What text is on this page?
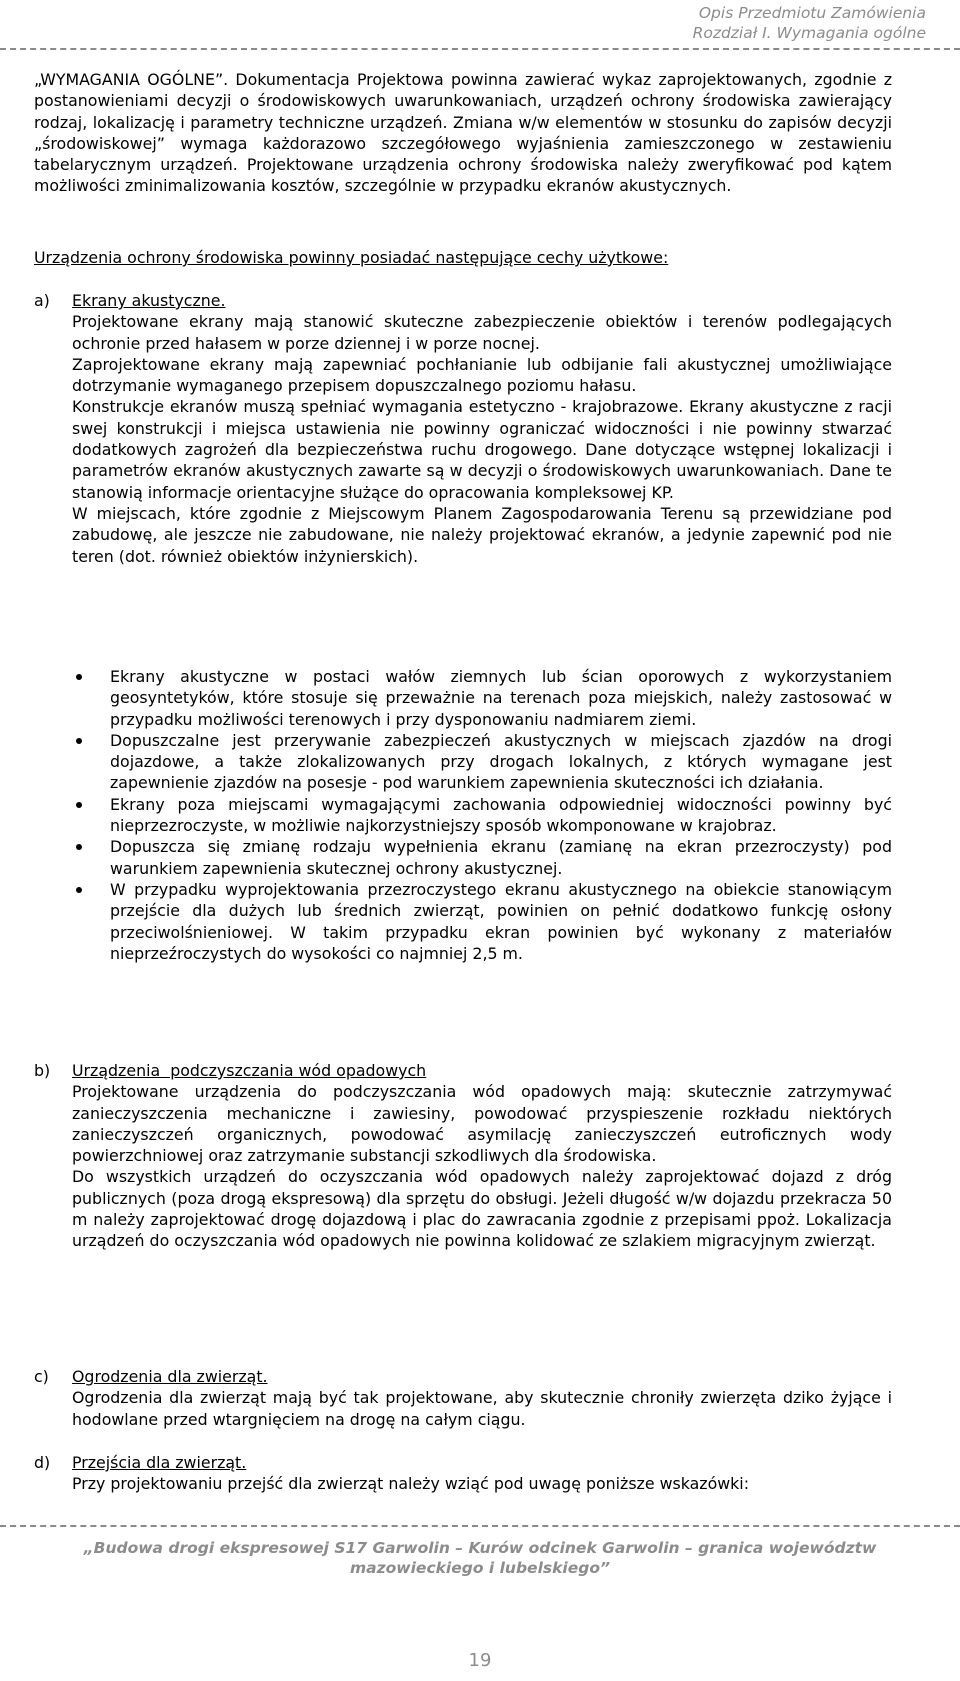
Opis Przedmiotu Zamówienia
Rozdział I. Wymagania ogólne

„WYMAGANIA OGÓLNE”. Dokumentacja Projektowa powinna zawierać wykaz zaprojektowanych, zgodnie z postanowieniami decyzji o środowiskowych uwarunkowaniach, urządzeń ochrony środowiska zawierający rodzaj, lokalizację i parametry techniczne urządzeń. Zmiana w/w elementów w stosunku do zapisów decyzji „środowiskowej” wymaga każdorazowo szczegółowego wyjaśnienia zamieszczonego w zestawieniu tabelarycznym urządzeń. Projektowane urządzenia ochrony środowiska należy zweryfikować pod kątem możliwości zminimalizowania kosztów, szczególnie w przypadku ekranów akustycznych.

Urządzenia ochrony środowiska powinny posiadać następujące cechy użytkowe:

a) Ekrany akustyczne.

Projektowane ekrany mają stanowić skuteczne zabezpieczenie obiektów i terenów podlegających ochronie przed hałasem w porze dziennej i w porze nocnej.

Zaprojektowane ekrany mają zapewniać pochłanianie lub odbijanie fali akustycznej umożliwiające dotrzymanie wymaganego przepisem dopuszczalnego poziomu hałasu.

Konstrukcje ekranów muszą spełniać wymagania estetyczno - krajobrazowe. Ekrany akustyczne z racji swej konstrukcji i miejsca ustawienia nie powinny ograniczać widoczności i nie powinny stwarzać dodatkowych zagrożeń dla bezpieczeństwa ruchu drogowego. Dane dotyczące wstępnej lokalizacji i parametrów ekranów akustycznych zawarte są w decyzji o środowiskowych uwarunkowaniach. Dane te stanowią informacje orientacyjne służące do opracowania kompleksowej KP.

W miejscach, które zgodnie z Miejscowym Planem Zagospodarowania Terenu są przewidziane pod zabudowę, ale jeszcze nie zabudowane, nie należy projektować ekranów, a jedynie zapewnić pod nie teren (dot. również obiektów inżynierskich).

Ekrany akustyczne w postaci wałów ziemnych lub ścian oporowych z wykorzystaniem geosyntetyków, które stosuje się przeważnie na terenach poza miejskich, należy zastosować w przypadku możliwości terenowych i przy dysponowaniu nadmiarem ziemi.

Dopuszczalne jest przerywanie zabezpieczeń akustycznych w miejscach zjazdów na drogi dojazdowe, a także zlokalizowanych przy drogach lokalnych, z których wymagane jest zapewnienie zjazdów na posesje - pod warunkiem zapewnienia skuteczności ich działania.

Ekrany poza miejscami wymagającymi zachowania odpowiedniej widoczności powinny być nieprzezroczyste, w możliwie najkorzystniejszy sposób wkomponowane w krajobraz.

Dopuszcza się zmianę rodzaju wypełnienia ekranu (zamianę na ekran przezroczysty) pod warunkiem zapewnienia skutecznej ochrony akustycznej.

W przypadku wyprojektowania przezroczystego ekranu akustycznego na obiekcie stanowiącym przejście dla dużych lub średnich zwierząt, powinien on pełnić dodatkowo funkcję osłony przeciwolśnieniowej. W takim przypadku ekran powinien być wykonany z materiałów nieprzeźroczystych do wysokości co najmniej 2,5 m.

b) Urządzenia  podczyszczania wód opadowych

Projektowane urządzenia do podczyszczania wód opadowych mają: skutecznie zatrzymywać zanieczyszczenia mechaniczne i zawiesiny, powodować przyspieszenie rozkładu niektórych zanieczyszczeń organicznych, powodować asymilację zanieczyszczeń eutroficznych wody powierzchniowej oraz zatrzymanie substancji szkodliwych dla środowiska.

Do wszystkich urządzeń do oczyszczania wód opadowych należy zaprojektować dojazd z dróg publicznych (poza drogą ekspresową) dla sprzętu do obsługi. Jeżeli długość w/w dojazdu przekracza 50 m należy zaprojektować drogę dojazdową i plac do zawracania zgodnie z przepisami ppoż. Lokalizacja urządzeń do oczyszczania wód opadowych nie powinna kolidować ze szlakiem migracyjnym zwierząt.

c) Ogrodzenia dla zwierząt.

Ogrodzenia dla zwierząt mają być tak projektowane, aby skutecznie chroniły zwierzęta dziko żyjące i hodowlane przed wtargnięciem na drogę na całym ciągu.

d) Przejścia dla zwierząt.

Przy projektowaniu przejść dla zwierząt należy wziąć pod uwagę poniższe wskazówki:

„Budowa drogi ekspresowej S17 Garwolin – Kurów odcinek Garwolin – granica województw
mazowieckiego i lubelskiego”
19
